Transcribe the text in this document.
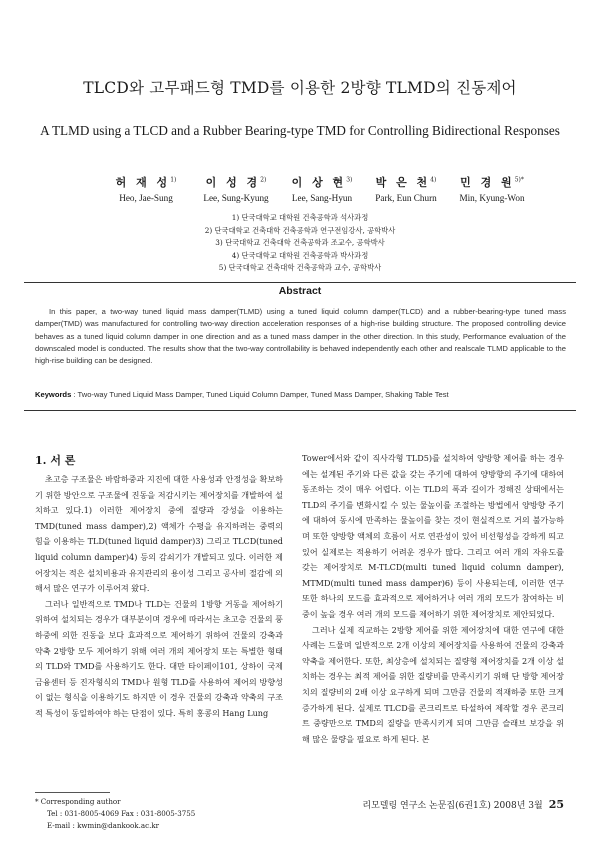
TLCD와 고무패드형 TMD를 이용한 2방향 TLMD의 진동제어
A TLMD using a TLCD and a Rubber Bearing-type TMD for Controlling Bidirectional Responses
허 재 성$^{1)}$
Heo, Jae-Sung
이 성 경$^{2)}$
Lee, Sung-Kyung
이 상 현$^{3)}$
Lee, Sang-Hyun
박 은 천$^{4)}$
Park, Eun Churn
민 경 원$^{5)*}$
Min, Kyung-Won
1) 단국대학교 대학원 건축공학과 석사과정
2) 단국대학교 건축대학 건축공학과 연구전임강사, 공학박사
3) 단국대학교 건축대학 건축공학과 조교수, 공학박사
4) 단국대학교 대학원 건축공학과 박사과정
5) 단국대학교 건축대학 건축공학과 교수, 공학박사
Abstract
In this paper, a two-way tuned liquid mass damper(TLMD) using a tuned liquid column damper(TLCD) and a rubber-bearing-type tuned mass damper(TMD) was manufactured for controlling two-way direction acceleration responses of a high-rise building structure. The proposed controlling device behaves as a tuned liquid column damper in one direction and as a tuned mass damper in the other direction. In this study, Performance evaluation of the downscaled model is conducted. The results show that the two-way controllability is behaved independently each other and realscale TLMD applicable to the high-rise building can be designed.
Keywords : Two-way Tuned Liquid Mass Damper, Tuned Liquid Column Damper, Tuned Mass Damper, Shaking Table Test
1. 서 론

초고층 구조물은 바람하중과 지진에 대한 사용성과 안정성을 확보하기 위한 방안으로 구조물에 진동을 저감시키는 제어장치를 개발하여 설치하고 있다.1) 이러한 제어장치 중에 질량과 강성을 이용하는 TMD(tuned mass damper),2) 액체가 수평을 유지하려는 중력의 힘을 이용하는 TLD(tuned liquid damper)3) 그리고 TLCD(tuned liquid column damper)4) 등의 감쇠기가 개발되고 있다. 이러한 제어장치는 적은 설치비용과 유지관리의 용이성 그리고 공사비 절감에 의해서 많은 연구가 이루어져 왔다.

그러나 일반적으로 TMD나 TLD는 건물의 1방향 거동을 제어하기 위하여 설치되는 경우가 대부분이며 경우에 따라서는 초고층 건물의 풍하중에 의한 진동을 보다 효과적으로 제어하기 위하여 건물의 강축과 약축 2방향 모두 제어하기 위해 여러 개의 제어장치 또는 특별한 형태의 TLD와 TMD를 사용하기도 한다. 대만 타이페이101, 상하이 국제 금융센터 등 진자형식의 TMD나 원형 TLD를 사용하여 제어의 방향성이 없는 형식을 이용하기도 하지만 이 경우 건물의 강축과 약축의 구조적 특성이 동일하여야 하는 단점이 있다. 특히 홍콩의 Hang Lung

Tower에서와 같이 직사각형 TLD5)를 설치하여 양방향 제어를 하는 경우에는 설계된 주기와 다른 값을 갖는 주기에 대하여 양방향의 주기에 대하여 동조하는 것이 매우 어렵다. 이는 TLD의 폭과 길이가 정해진 상태에서는 TLD의 주기를 변화시킬 수 있는 물높이를 조절하는 방법에서 양방향 주기에 대하여 동시에 만족하는 물높이를 찾는 것이 현실적으로 거의 불가능하며 또한 양방향 액체의 흐름이 서로 연관성이 있어 비선형성을 강하게 띄고 있어 실제로는 적용하기 어려운 경우가 많다. 그리고 여러 개의 자유도를 갖는 제어장치로 M-TLCD(multi tuned liquid column damper), MTMD(multi tuned mass damper)6) 등이 사용되는데, 이러한 연구 또한 하나의 모드를 효과적으로 제어하거나 여러 개의 모드가 참여하는 비중이 높을 경우 여러 개의 모드를 제어하기 위한 제어장치로 제안되었다.

그러나 실제 직교하는 2방향 제어를 위한 제어장치에 대한 연구에 대한 사례는 드물며 일반적으로 2개 이상의 제어장치를 사용하여 건물의 강축과 약축을 제어한다. 또한, 최상층에 설치되는 질량형 제어장치를 2개 이상 설치하는 경우는 최적 제어를 위한 질량비를 만족시키기 위해 단 방향 제어장치의 질량비의 2배 이상 요구하게 되며 그만큼 건물의 적재하중 또한 크게 증가하게 된다. 실제로 TLCD를 콘크리트로 타설하여 제작할 경우 콘크리트 중량만으로 TMD의 질량을 만족시키게 되며 그만큼 슬래브 보강을 위해 많은 물량을 필요로 하게 된다. 본

* Corresponding author
Tel : 031-8005-4069 Fax : 031-8005-3755
E-mail : kwmin@dankook.ac.kr
리모델링 연구소 논문집(6권1호) 2008년 3월 25
